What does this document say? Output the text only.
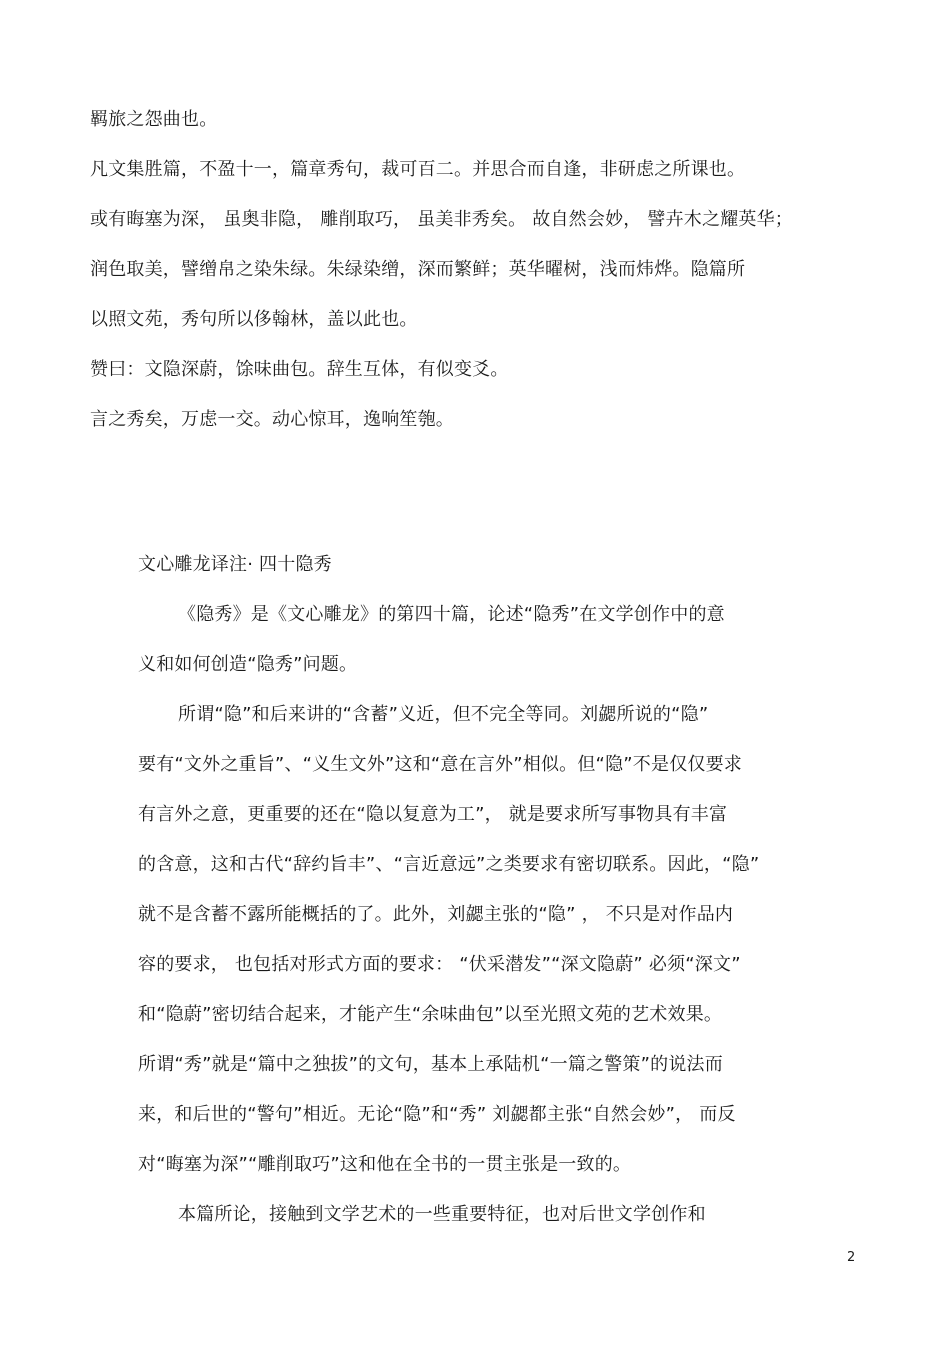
羁旅之怨曲也。
凡文集胜篇，不盈十一，篇章秀句，裁可百二。并思合而自逢，非研虑之所课也。
或有晦塞为深， 虽奥非隐， 雕削取巧， 虽美非秀矣。 故自然会妙， 譬卉木之耀英华；
润色取美，譬缯帛之染朱绿。朱绿染缯，深而繁鲜；英华曜树，浅而炜烨。隐篇所
以照文苑，秀句所以侈翰林，盖以此也。
赞曰：文隐深蔚，馀味曲包。辞生互体，有似变爻。
言之秀矣，万虑一交。动心惊耳，逸响笙匏。
文心雕龙译注· 四十隐秀
《隐秀》是《文心雕龙》的第四十篇，论述“隐秀”在文学创作中的意
义和如何创造“隐秀”问题。
所谓“隐”和后来讲的“含蓄”义近，但不完全等同。刘勰所说的“隐”
要有“文外之重旨”、“义生文外”这和“意在言外”相似。但“隐”不是仅仅要求
有言外之意，更重要的还在“隐以复意为工”， 就是要求所写事物具有丰富
的含意，这和古代“辞约旨丰”、“言近意远”之类要求有密切联系。因此，“隐”
就不是含蓄不露所能概括的了。此外，刘勰主张的“隐” ， 不只是对作品内
容的要求， 也包括对形式方面的要求： “伏采潜发”“深文隐蔚” 必须“深文”
和“隐蔚”密切结合起来，才能产生“余味曲包”以至光照文苑的艺术效果。
所谓“秀”就是“篇中之独拔”的文句，基本上承陆机“一篇之警策”的说法而
来，和后世的“警句”相近。无论“隐”和“秀” 刘勰都主张“自然会妙”， 而反
对“晦塞为深”“雕削取巧”这和他在全书的一贯主张是一致的。
本篇所论，接触到文学艺术的一些重要特征，也对后世文学创作和
2
